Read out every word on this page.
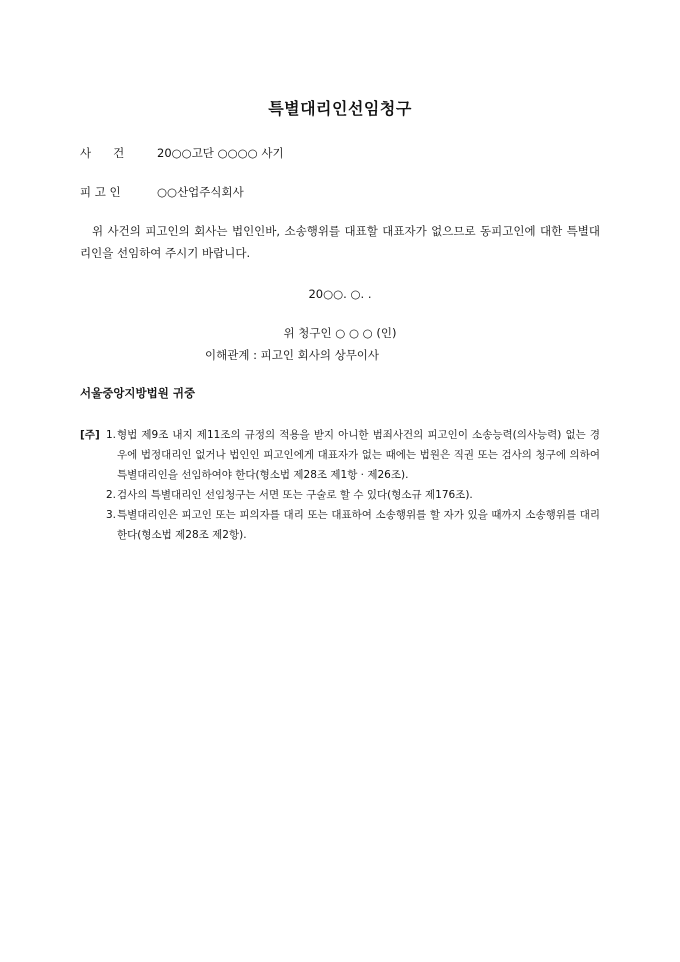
특별대리인선임청구
사 건	20○○고단 ○○○○ 사기
피 고 인	○○산업주식회사
위 사건의 피고인의 회사는 법인인바, 소송행위를 대표할 대표자가 없으므로 동피고인에 대한 특별대리인을 선임하여 주시기 바랍니다.
20○○. ○. .
위 청구인 ○ ○ ○ (인)
이해관계 : 피고인 회사의 상무이사
서울중앙지방법원 귀중
[주] 1. 형법 제9조 내지 제11조의 규정의 적용을 받지 아니한 범죄사건의 피고인이 소송능력(의사능력) 없는 경우에 법정대리인 없거나 법인인 피고인에게 대표자가 없는 때에는 법원은 직권 또는 검사의 청구에 의하여 특별대리인을 선임하여야 한다(형소법 제28조 제1항 · 제26조).
2. 검사의 특별대리인 선임청구는 서면 또는 구술로 할 수 있다(형소규 제176조).
3. 특별대리인은 피고인 또는 피의자를 대리 또는 대표하여 소송행위를 할 자가 있을 때까지 소송행위를 대리한다(형소법 제28조 제2항).
